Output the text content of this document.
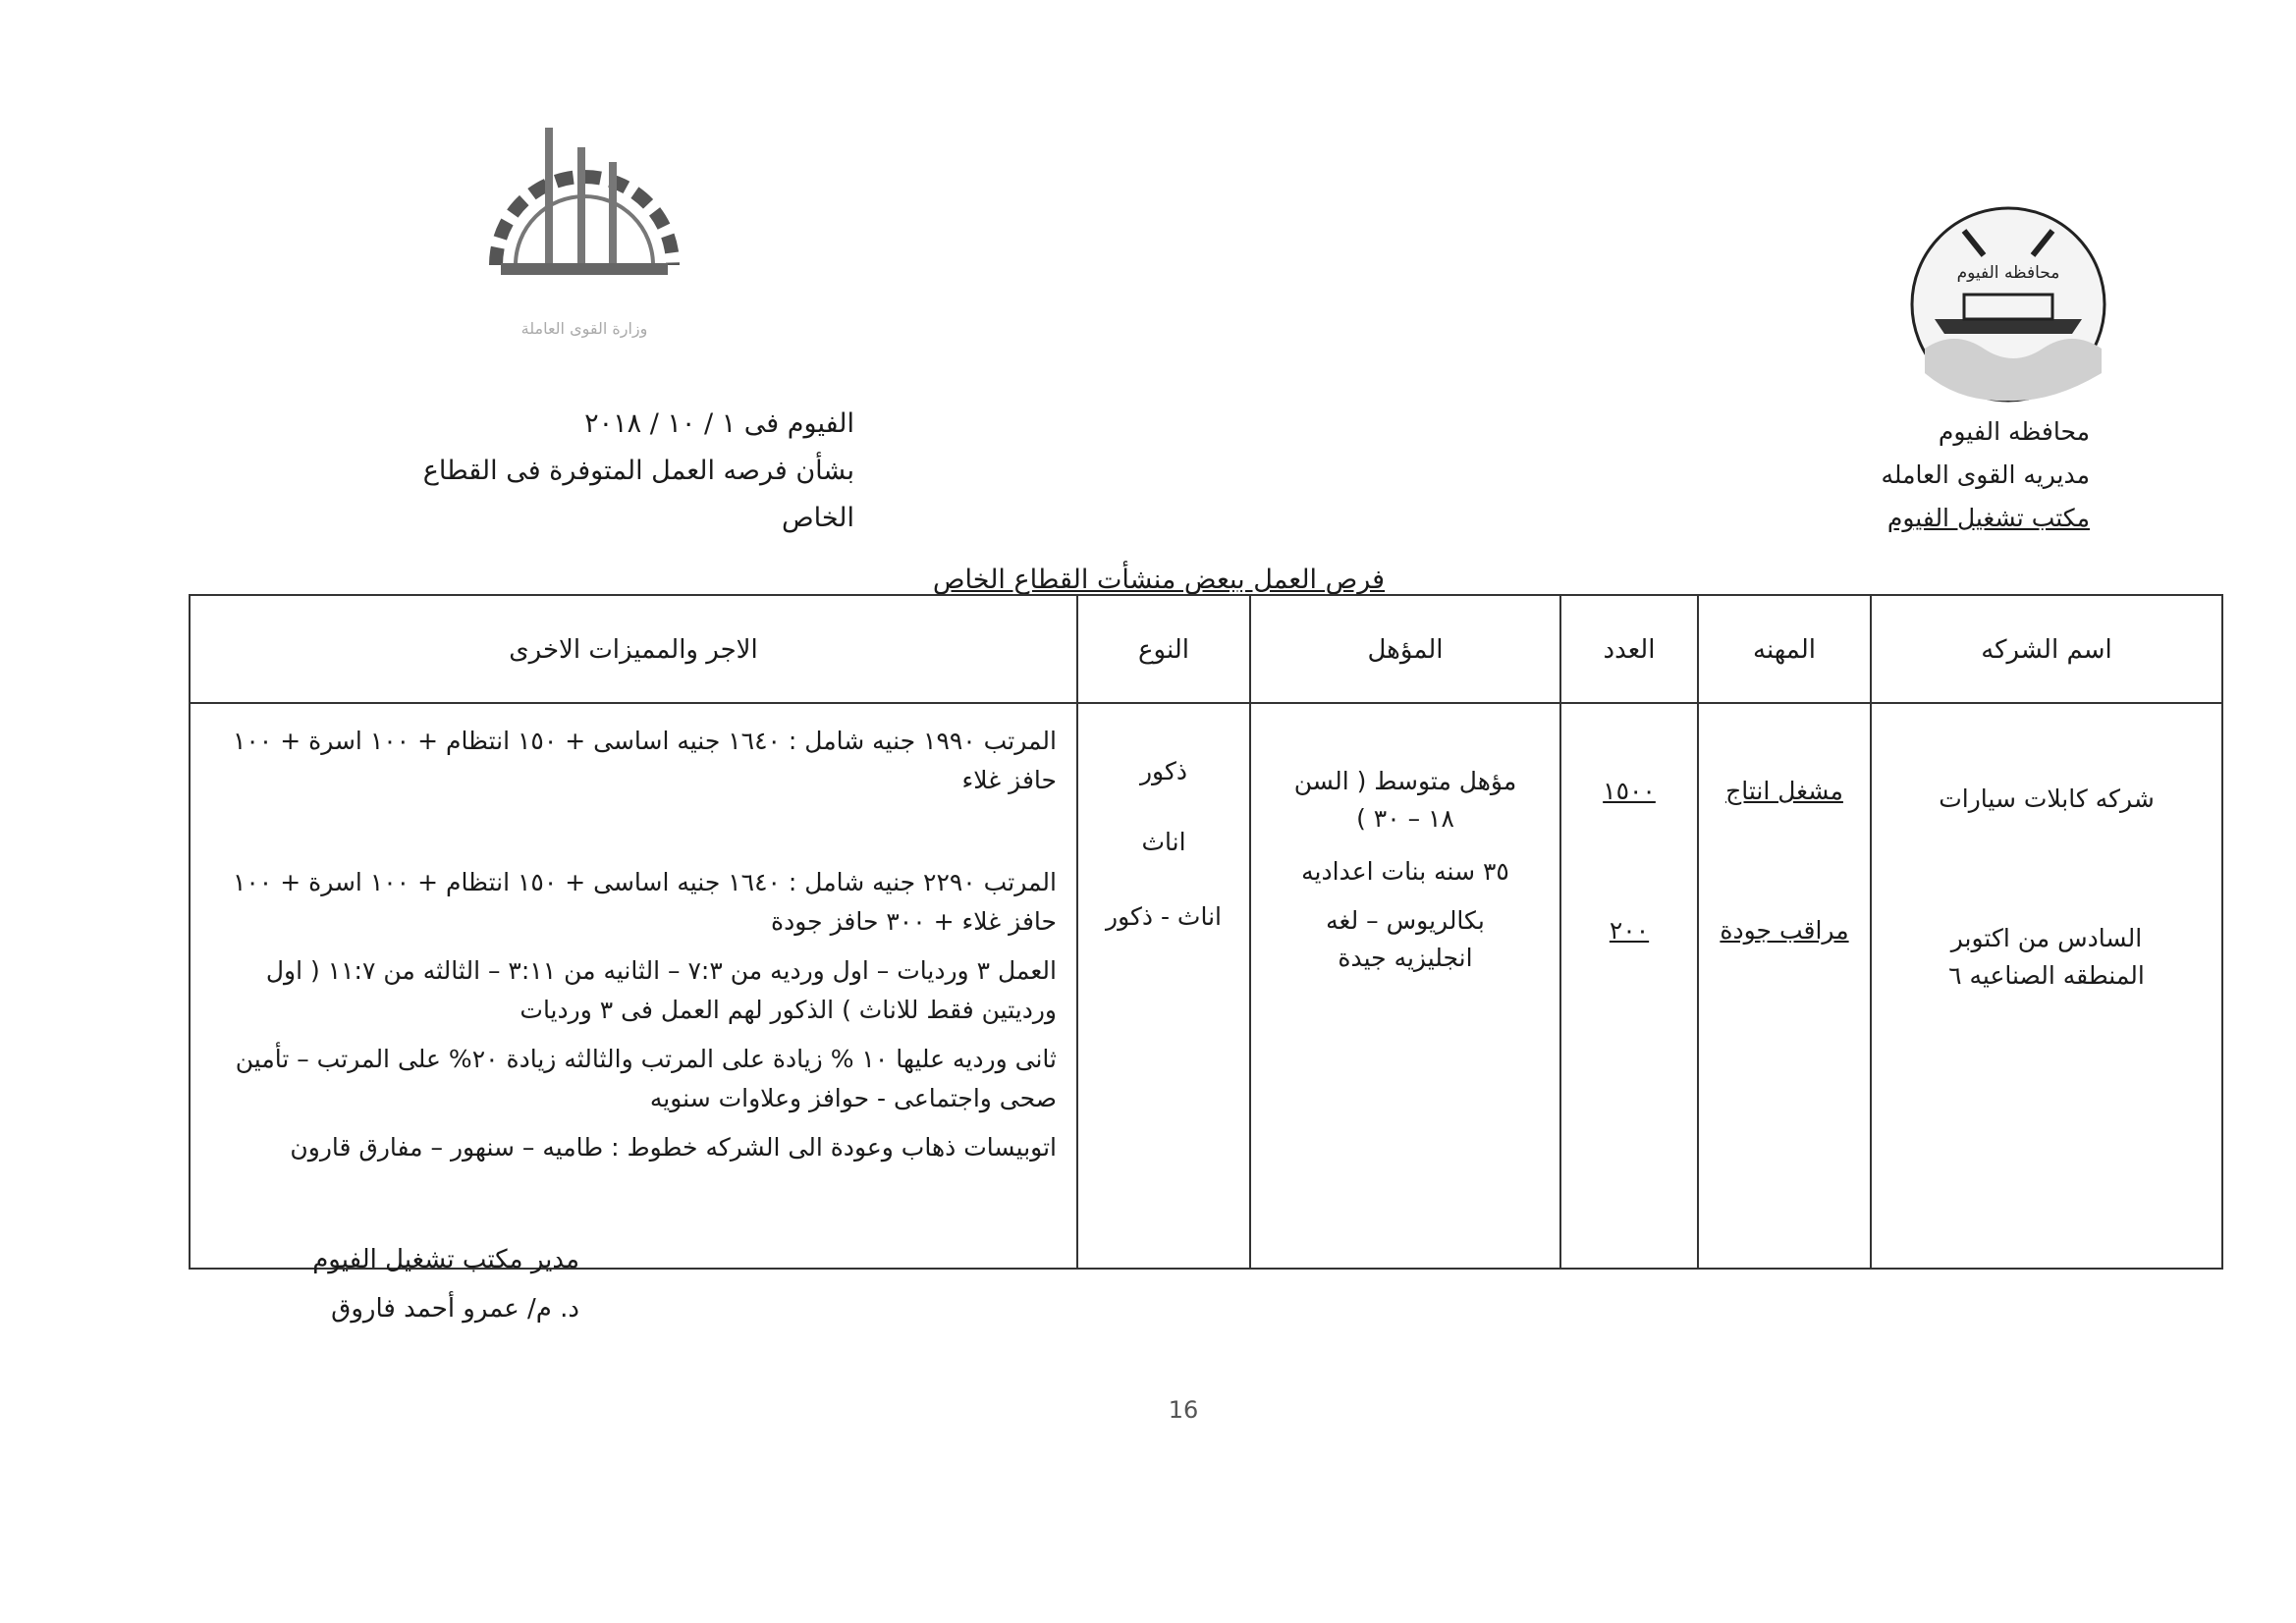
محافظه الفيوم
وزارة القوى العاملة
محافظه الفيوم
مديريه القوى العامله
مكتب تشغيل الفيوم
الفيوم فى ١ / ١٠ / ٢٠١٨
بشأن فرصه العمل المتوفرة فى القطاع الخاص
فرص العمل ببعض منشأت القطاع الخاص
اسم الشركه
شركه كابلات سيارات
السادس من اكتوبر المنطقه الصناعيه ٦
المهنه
مشغل انتاج
مراقب جودة
العدد
١٥٠٠
٢٠٠
المؤهل
مؤهل متوسط ( السن ١٨ – ٣٠ )
٣٥ سنه بنات اعداديه
بكالريوس – لغه انجليزيه جيدة
النوع
ذكور
اناث
اناث - ذكور
الاجر والمميزات الاخرى

المرتب ١٩٩٠ جنيه شامل : ١٦٤٠ جنيه اساسى + ١٥٠ انتظام + ١٠٠ اسرة + ١٠٠ حافز غلاء

المرتب ٢٢٩٠ جنيه شامل : ١٦٤٠ جنيه اساسى + ١٥٠ انتظام + ١٠٠ اسرة + ١٠٠ حافز غلاء + ٣٠٠ حافز جودة

العمل ٣ ورديات – اول ورديه من ٧:٣ – الثانيه من ٣:١١ – الثالثه من ١١:٧ ( اول ورديتين فقط للاناث ) الذكور لهم العمل فى ٣ ورديات

ثانى ورديه عليها ١٠ % زيادة على المرتب والثالثه زيادة ٢٠% على المرتب – تأمين صحى واجتماعى - حوافز وعلاوات سنويه

اتوبيسات ذهاب وعودة الى الشركه خطوط : طاميه – سنهور – مفارق قارون

مدير مكتب تشغيل الفيوم
د. م/ عمرو أحمد فاروق
16
